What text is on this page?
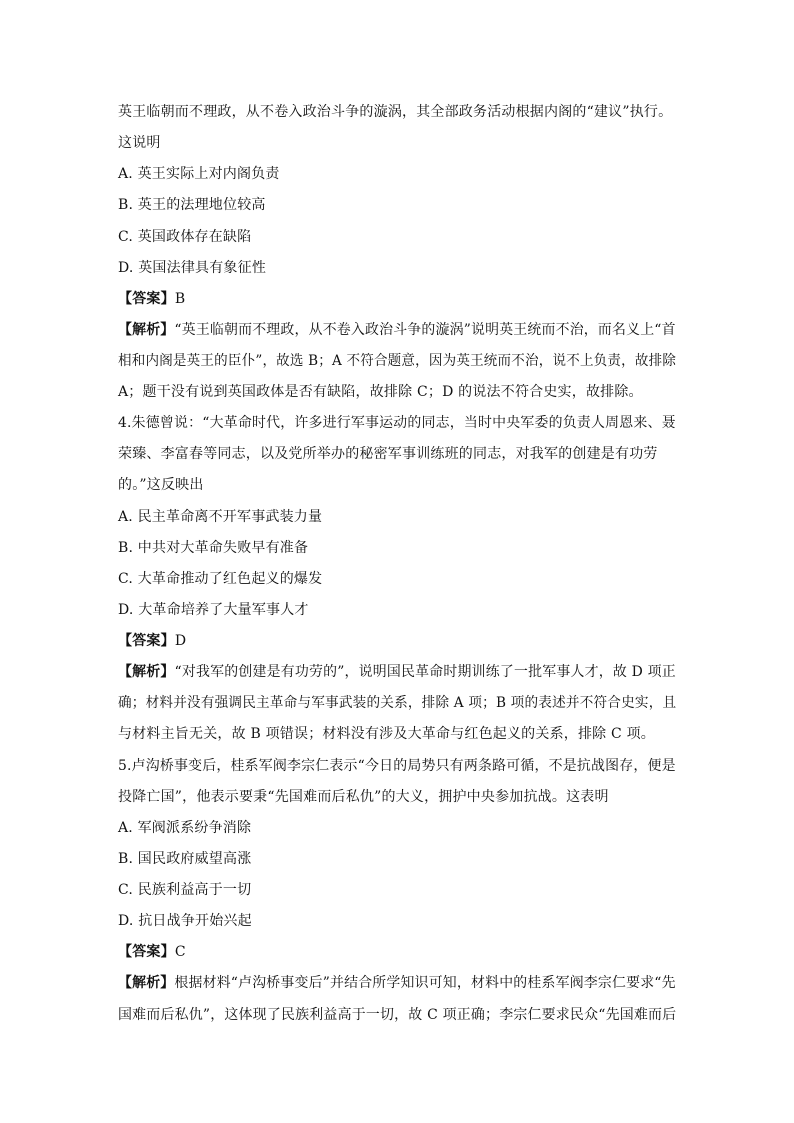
英王临朝而不理政，从不卷入政治斗争的漩涡，其全部政务活动根据内阁的“建议”执行。
这说明
A. 英王实际上对内阁负责
B. 英王的法理地位较高
C. 英国政体存在缺陷
D. 英国法律具有象征性
【答案】B
【解析】“英王临朝而不理政，从不卷入政治斗争的漩涡”说明英王统而不治，而名义上“首
相和内阁是英王的臣仆”，故选 B；A 不符合题意，因为英王统而不治，说不上负责，故排除
A；题干没有说到英国政体是否有缺陷，故排除 C；D 的说法不符合史实，故排除。
4.朱德曾说：“大革命时代，许多进行军事运动的同志，当时中央军委的负责人周恩来、聂
荣臻、李富春等同志，以及党所举办的秘密军事训练班的同志，对我军的创建是有功劳
的。”这反映出
A. 民主革命离不开军事武装力量
B. 中共对大革命失败早有准备
C. 大革命推动了红色起义的爆发
D. 大革命培养了大量军事人才
【答案】D
【解析】“对我军的创建是有功劳的”，说明国民革命时期训练了一批军事人才，故 D 项正
确；材料并没有强调民主革命与军事武装的关系，排除 A 项；B 项的表述并不符合史实，且
与材料主旨无关，故 B 项错误；材料没有涉及大革命与红色起义的关系，排除 C 项。
5.卢沟桥事变后，桂系军阀李宗仁表示“今日的局势只有两条路可循，不是抗战图存，便是
投降亡国”，他表示要秉“先国难而后私仇”的大义，拥护中央参加抗战。这表明
A. 军阀派系纷争消除
B. 国民政府威望高涨
C. 民族利益高于一切
D. 抗日战争开始兴起
【答案】C
【解析】根据材料“卢沟桥事变后”并结合所学知识可知，材料中的桂系军阀李宗仁要求“先
国难而后私仇”，这体现了民族利益高于一切，故 C 项正确；李宗仁要求民众“先国难而后
